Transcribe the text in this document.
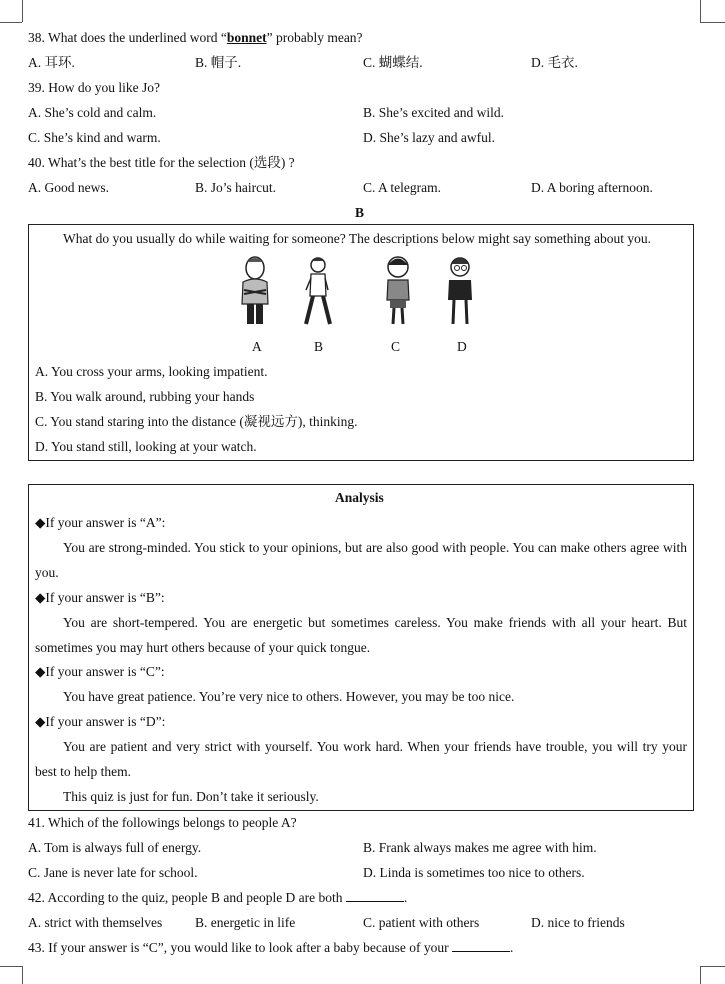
38. What does the underlined word “bonnet” probably mean?
A. 耳环.	B. 帽子.	C. 蝴蝶结.	D. 毛衣.
39. How do you like Jo?
A. She’s cold and calm.	B. She’s excited and wild.
C. She’s kind and warm.	D. She’s lazy and awful.
40. What’s the best title for the selection (选段) ?
A. Good news.	B. Jo’s haircut.	C. A telegram.	D. A boring afternoon.
B
What do you usually do while waiting for someone? The descriptions below might say something about you.
A	B	C	D
A. You cross your arms, looking impatient.
B. You walk around, rubbing your hands
C. You stand staring into the distance (凝视远方), thinking.
D. You stand still, looking at your watch.
Analysis
◆If your answer is “A”:
You are strong-minded. You stick to your opinions, but are also good with people. You can make others agree with you.
◆If your answer is “B”:
You are short-tempered. You are energetic but sometimes careless. You make friends with all your heart. But sometimes you may hurt others because of your quick tongue.
◆If your answer is “C”:
You have great patience. You’re very nice to others. However, you may be too nice.
◆If your answer is “D”:
You are patient and very strict with yourself. You work hard. When your friends have trouble, you will try your best to help them.
This quiz is just for fun. Don’t take it seriously.
41. Which of the followings belongs to people A?
A. Tom is always full of energy.	B. Frank always makes me agree with him.
C. Jane is never late for school.	D. Linda is sometimes too nice to others.
42. According to the quiz, people B and people D are both	.
A. strict with themselves B. energetic in life	C. patient with others	D. nice to friends
43. If your answer is “C”, you would like to look after a baby because of your	.
